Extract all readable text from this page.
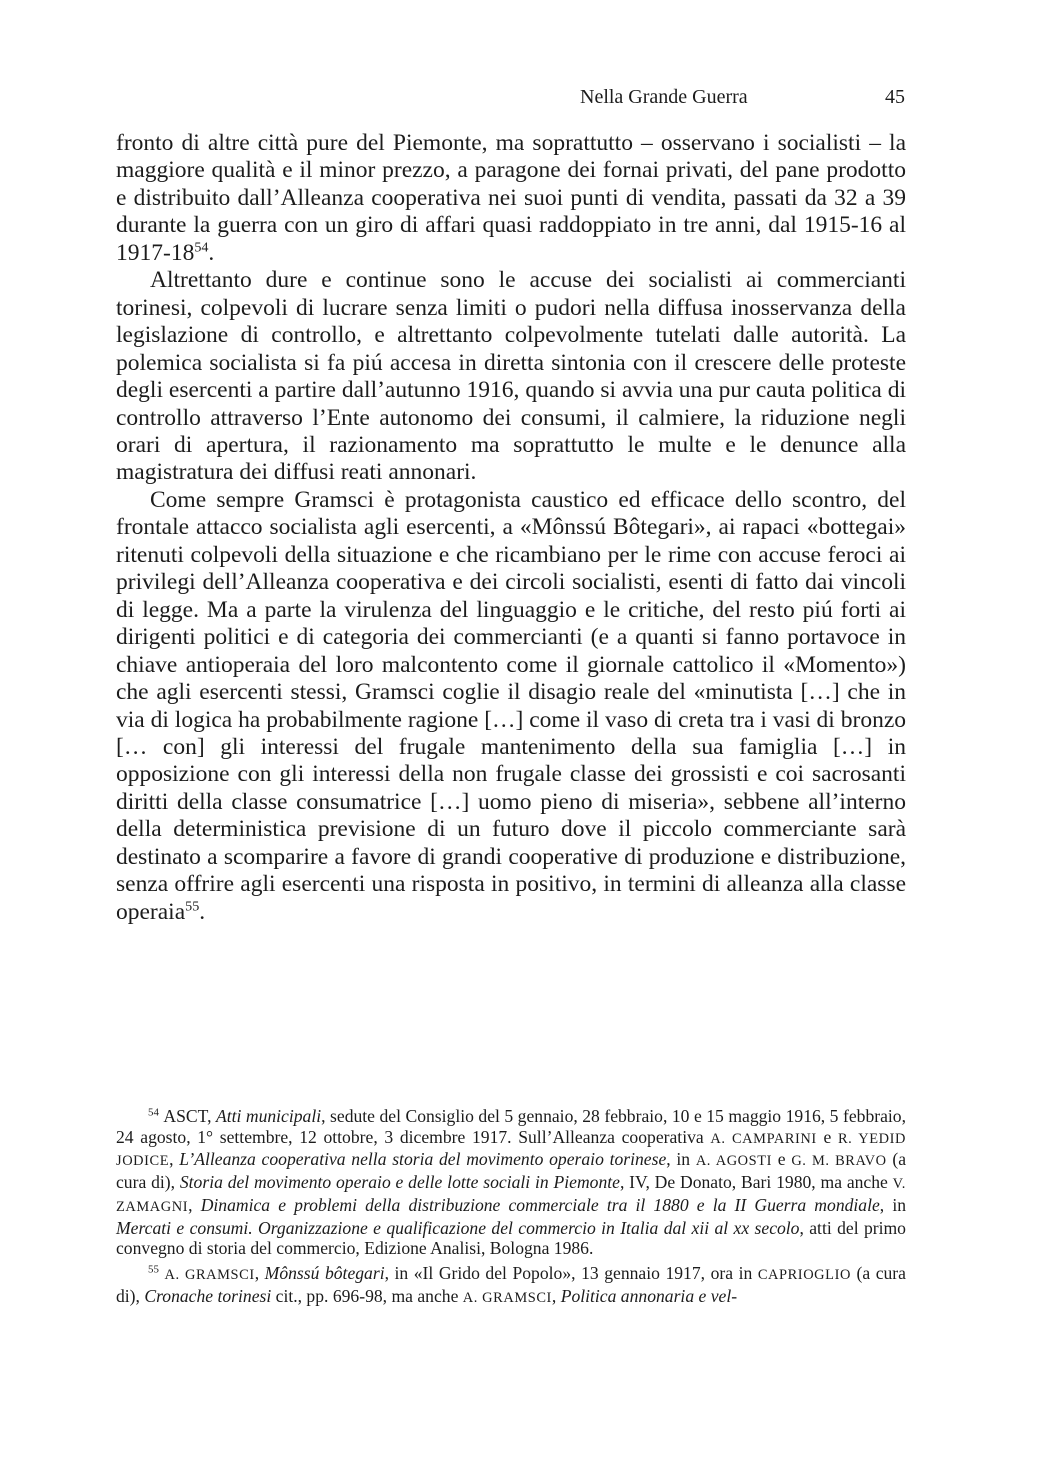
Nella Grande Guerra	45

fronto di altre città pure del Piemonte, ma soprattutto – osservano i socialisti – la maggiore qualità e il minor prezzo, a paragone dei fornai privati, del pane prodotto e distribuito dall’Alleanza cooperativa nei suoi punti di vendita, passati da 32 a 39 durante la guerra con un giro di affari quasi raddoppiato in tre anni, dal 1915-16 al $1917-18^{54}$.

Altrettanto dure e continue sono le accuse dei socialisti ai commercianti torinesi, colpevoli di lucrare senza limiti o pudori nella diffusa inosservanza della legislazione di controllo, e altrettanto colpevolmente tutelati dalle autorità. La polemica socialista si fa piú accesa in diretta sintonia con il crescere delle proteste degli esercenti a partire dall’autunno 1916, quando si avvia una pur cauta politica di controllo attraverso l’Ente autonomo dei consumi, il calmiere, la riduzione negli orari di apertura, il razionamento ma soprattutto le multe e le denunce alla magistratura dei diffusi reati annonari.

Come sempre Gramsci è protagonista caustico ed efficace dello scontro, del frontale attacco socialista agli esercenti, a «Mônssú Bôtegari», ai rapaci «bottegai» ritenuti colpevoli della situazione e che ricambiano per le rime con accuse feroci ai privilegi dell’Alleanza cooperativa e dei circoli socialisti, esenti di fatto dai vincoli di legge. Ma a parte la virulenza del linguaggio e le critiche, del resto piú forti ai dirigenti politici e di categoria dei commercianti (e a quanti si fanno portavoce in chiave antioperaia del loro malcontento come il giornale cattolico il «Momento») che agli esercenti stessi, Gramsci coglie il disagio reale del «minutista […] che in via di logica ha probabilmente ragione […] come il vaso di creta tra i vasi di bronzo [… con] gli interessi del frugale mantenimento della sua famiglia […] in opposizione con gli interessi della non frugale classe dei grossisti e coi sacrosanti diritti della classe consumatrice […] uomo pieno di miseria», sebbene all’interno della deterministica previsione di un futuro dove il piccolo commerciante sarà destinato a scomparire a favore di grandi cooperative di produzione e distribuzione, senza offrire agli esercenti una risposta in positivo, in termini di alleanza alla classe operaia$^{55}$.

$^{54}$ ASCT, Atti municipali, sedute del Consiglio del 5 gennaio, 28 febbraio, 10 e 15 maggio 1916, 5 febbraio, 24 agosto, 1° settembre, 12 ottobre, 3 dicembre 1917. Sull’Alleanza cooperativa A. CAMPARINI e R. YEDID JODICE, L’Alleanza cooperativa nella storia del movimento operaio torinese, in A. AGOSTI e G. M. BRAVO (a cura di), Storia del movimento operaio e delle lotte sociali in Piemonte, IV, De Donato, Bari 1980, ma anche V. ZAMAGNI, Dinamica e problemi della distribuzione commerciale tra il 1880 e la II Guerra mondiale, in Mercati e consumi. Organizzazione e qualificazione del commercio in Italia dal xii al xx secolo, atti del primo convegno di storia del commercio, Edizione Analisi, Bologna 1986.

$^{55}$ A. GRAMSCI, Mônssú bôtegari, in «Il Grido del Popolo», 13 gennaio 1917, ora in CAPRIOGLIO (a cura di), Cronache torinesi cit., pp. 696-98, ma anche A. GRAMSCI, Politica annonaria e vel-
